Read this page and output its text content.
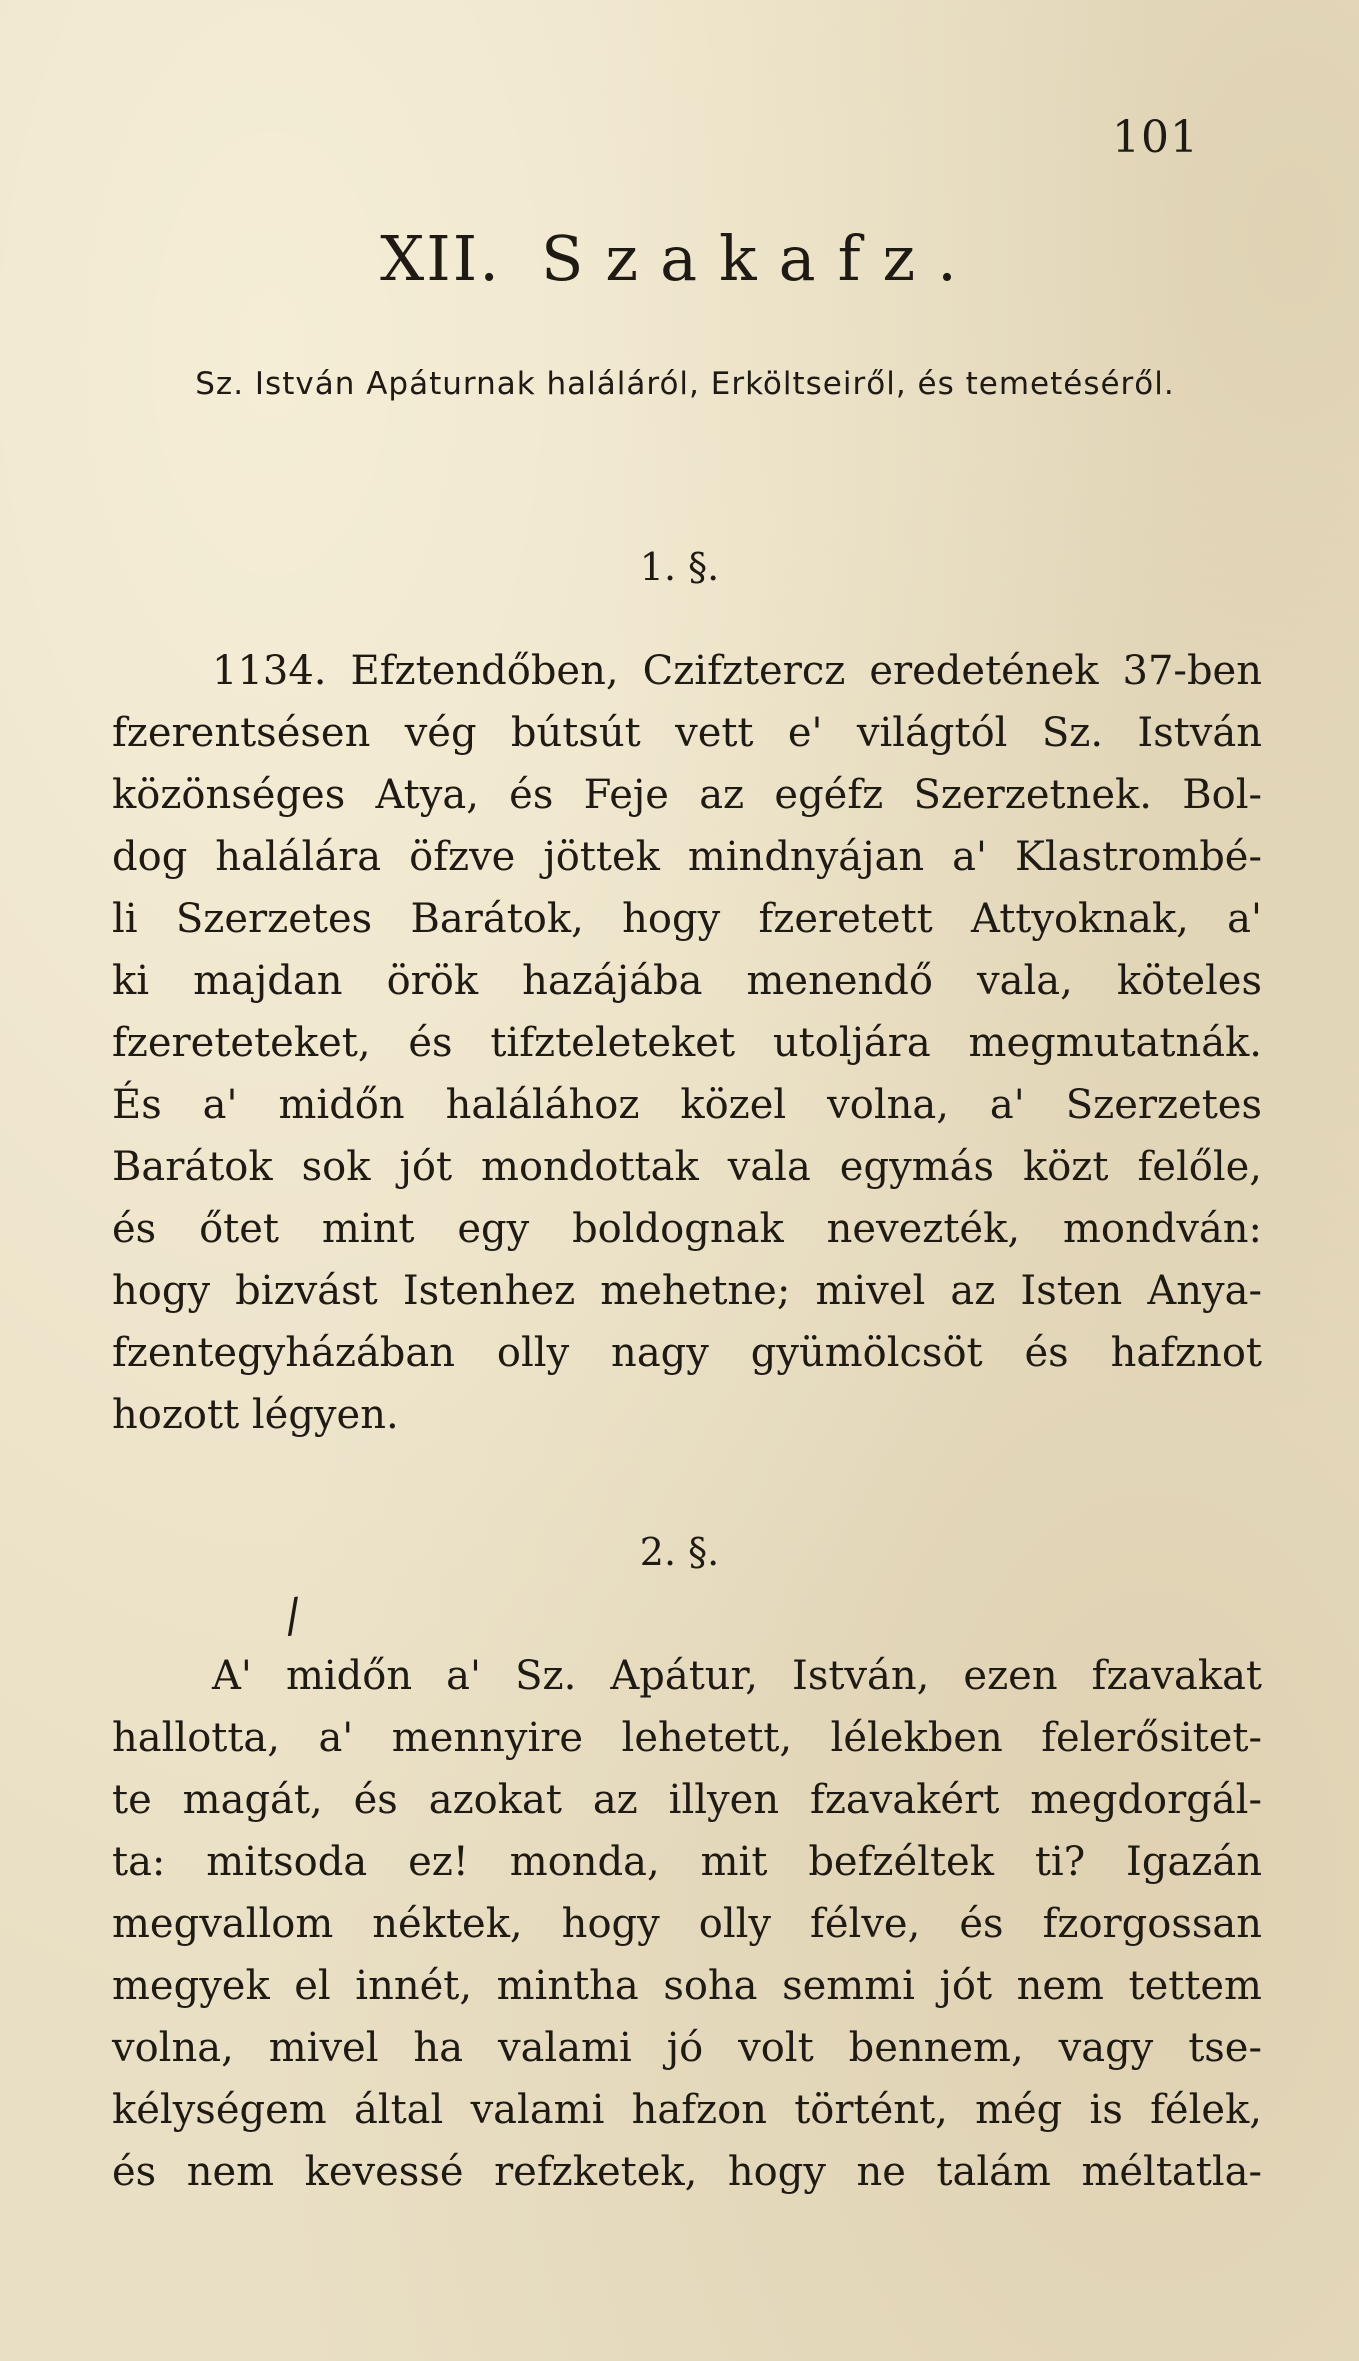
101
XII. Szakafz.
Sz. István Apáturnak haláláról, Erköltseiről, és temetéséről.
1. §.
1134. Efztendőben, Czifztercz eredetének 37-ben
fzerentsésen vég bútsút vett e' világtól Sz. István
közönséges Atya, és Feje az egéfz Szerzetnek. Bol-
dog halálára öfzve jöttek mindnyájan a' Klastrombé-
li Szerzetes Barátok, hogy fzeretett Attyoknak, a'
ki majdan örök hazájába menendő vala, köteles
fzereteteket, és tifzteleteket utoljára megmutatnák.
És a' midőn halálához közel volna, a' Szerzetes
Barátok sok jót mondottak vala egymás közt felőle,
és őtet mint egy boldognak nevezték, mondván:
hogy bizvást Istenhez mehetne; mivel az Isten Anya-
fzentegyházában olly nagy gyümölcsöt és hafznot
hozott légyen.
2. §.
/
A' midőn a' Sz. Apátur, István, ezen fzavakat
hallotta, a' mennyire lehetett, lélekben felerősitet-
te magát, és azokat az illyen fzavakért megdorgál-
ta: mitsoda ez! monda, mit befzéltek ti? Igazán
megvallom néktek, hogy olly félve, és fzorgossan
megyek el innét, mintha soha semmi jót nem tettem
volna, mivel ha valami jó volt bennem, vagy tse-
kélységem által valami hafzon történt, még is félek,
és nem kevessé refzketek, hogy ne talám méltatla-
